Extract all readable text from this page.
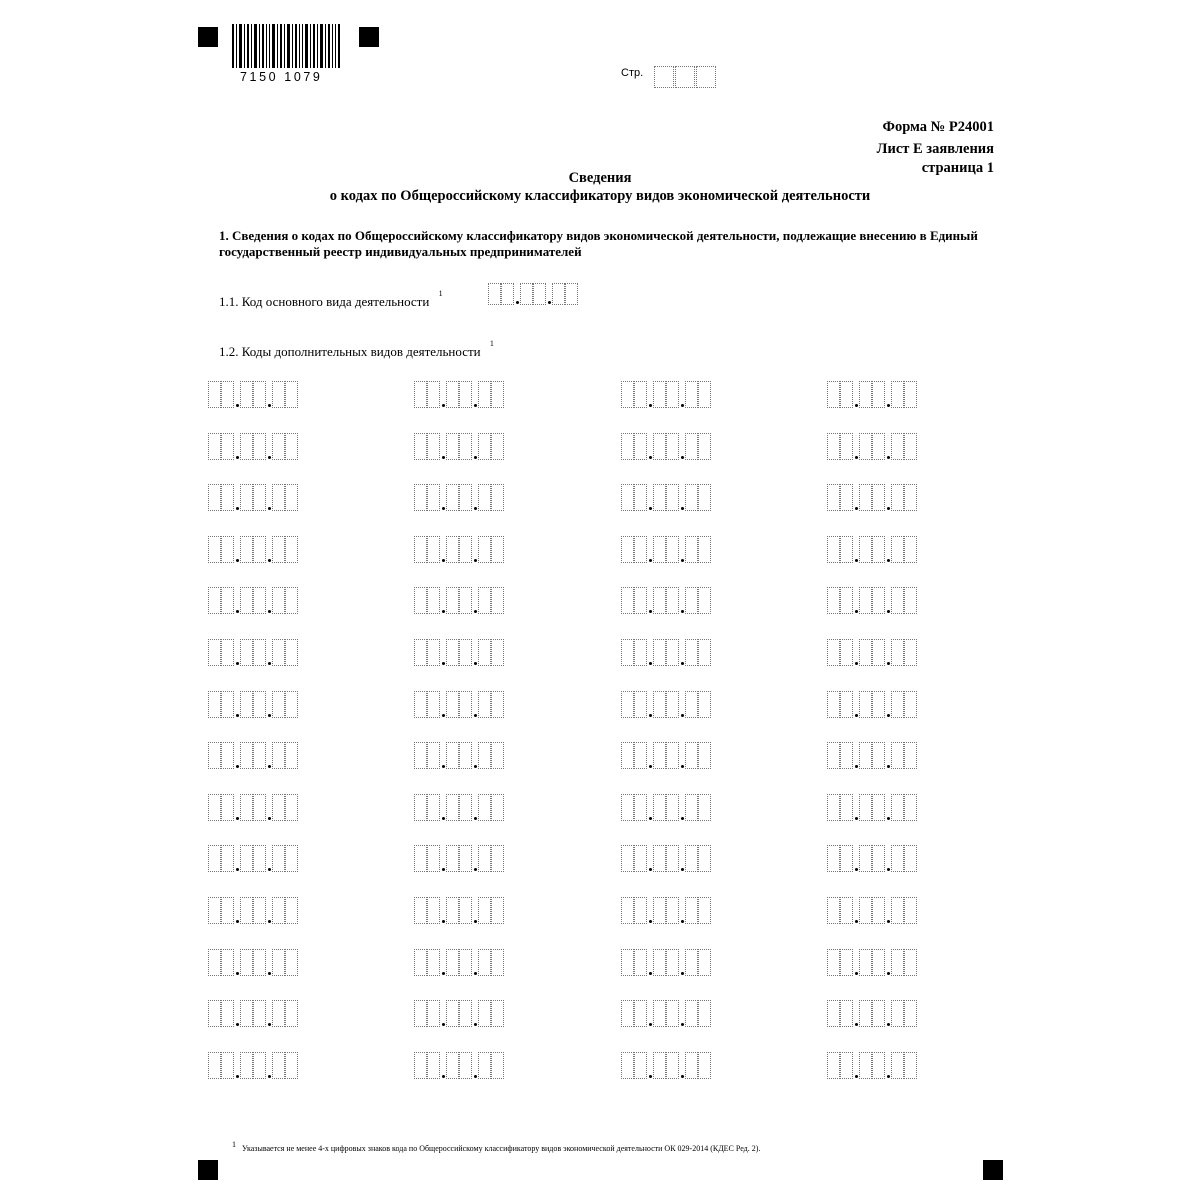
7150 1079	Стр.
Форма № Р24001
Лист Е заявления
страница 1
Сведения
о кодах по Общероссийскому классификатору видов экономической деятельности
1. Сведения о кодах по Общероссийскому классификатору видов экономической деятельности, подлежащие внесению в Единый государственный реестр индивидуальных предпринимателей
1.1. Код основного вида деятельности $^1$
1.2. Коды дополнительных видов деятельности $^1$
$^1$ Указывается не менее 4-х цифровых знаков кода по Общероссийскому классификатору видов экономической деятельности ОК 029-2014 (КДЕС Ред. 2).
